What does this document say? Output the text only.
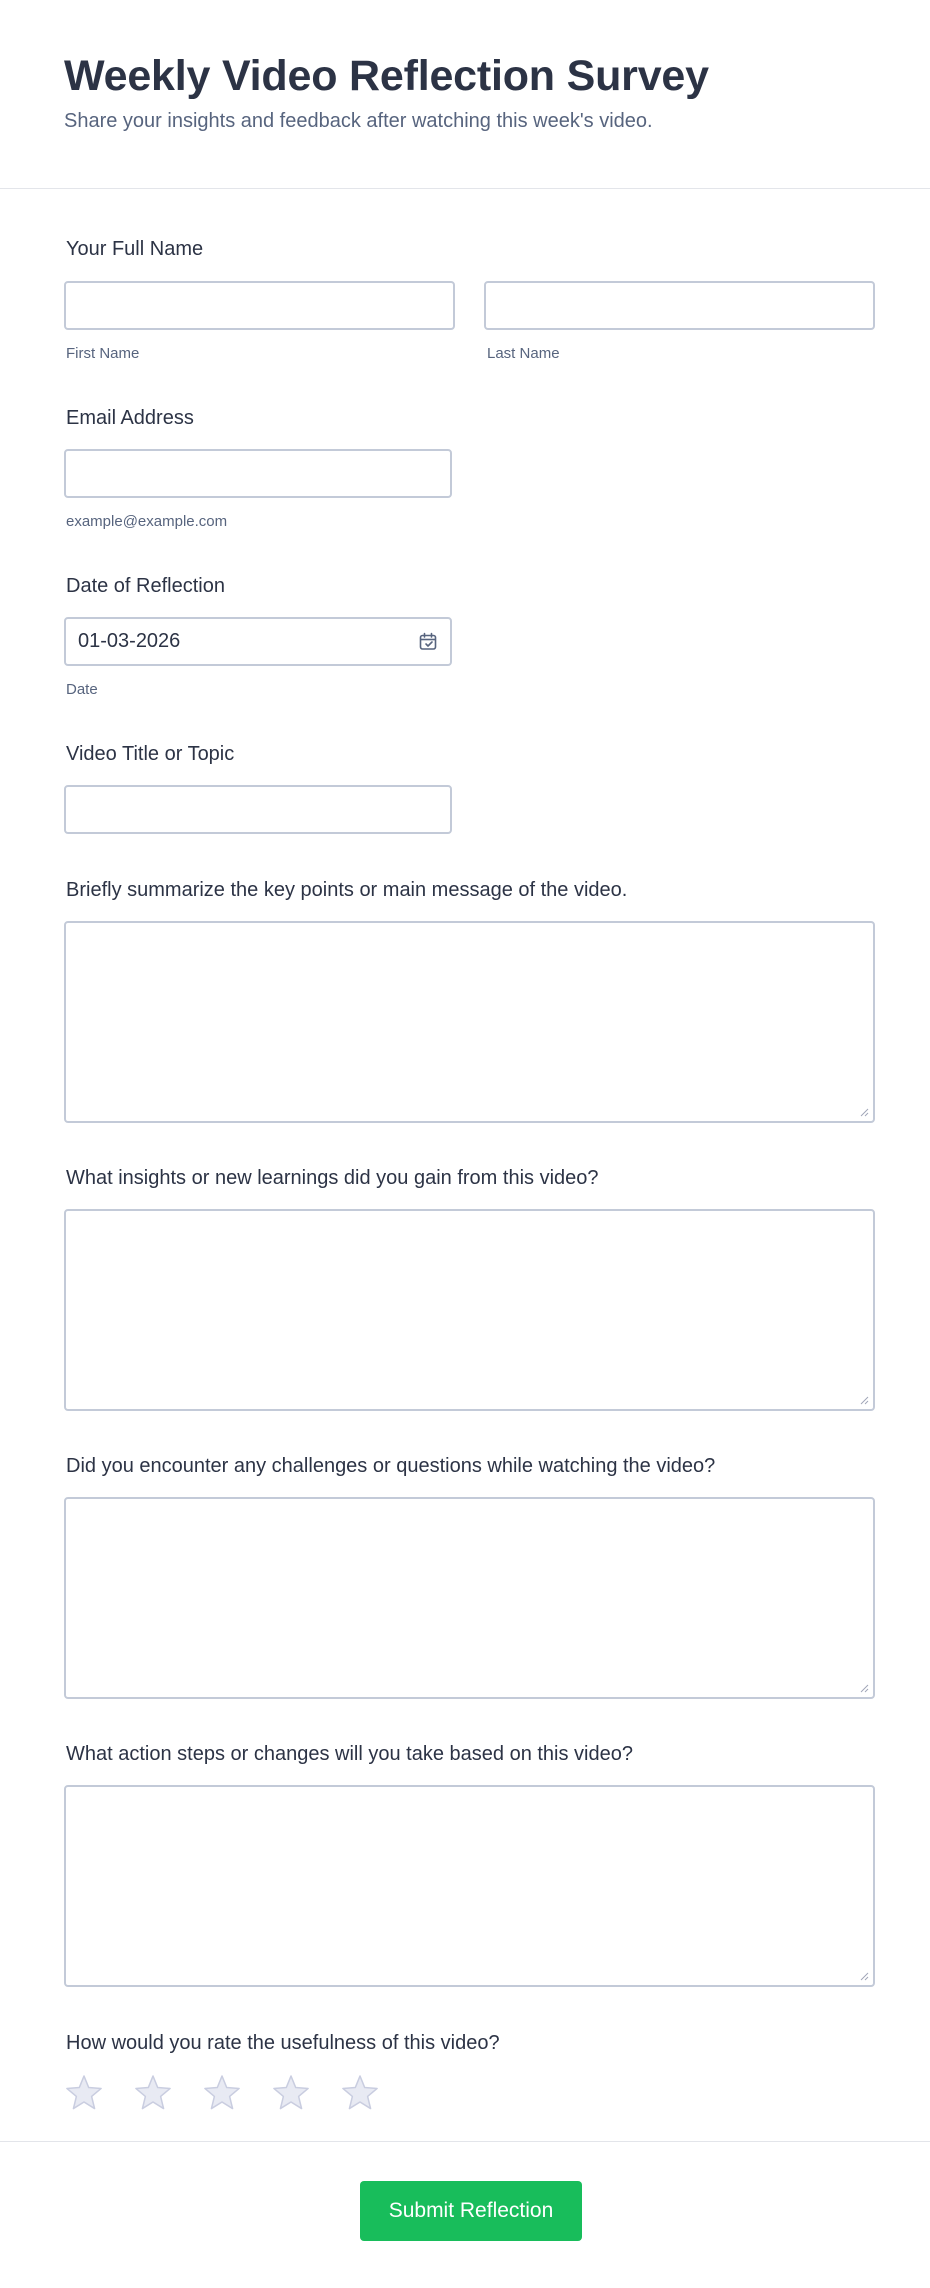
Weekly Video Reflection Survey
Share your insights and feedback after watching this week's video.
Your Full Name
First Name	Last Name
Email Address
example@example.com
Date of Reflection
01-03-2026
Date
Video Title or Topic
Briefly summarize the key points or main message of the video.
What insights or new learnings did you gain from this video?
Did you encounter any challenges or questions while watching the video?
What action steps or changes will you take based on this video?
How would you rate the usefulness of this video?
Submit Reflection
